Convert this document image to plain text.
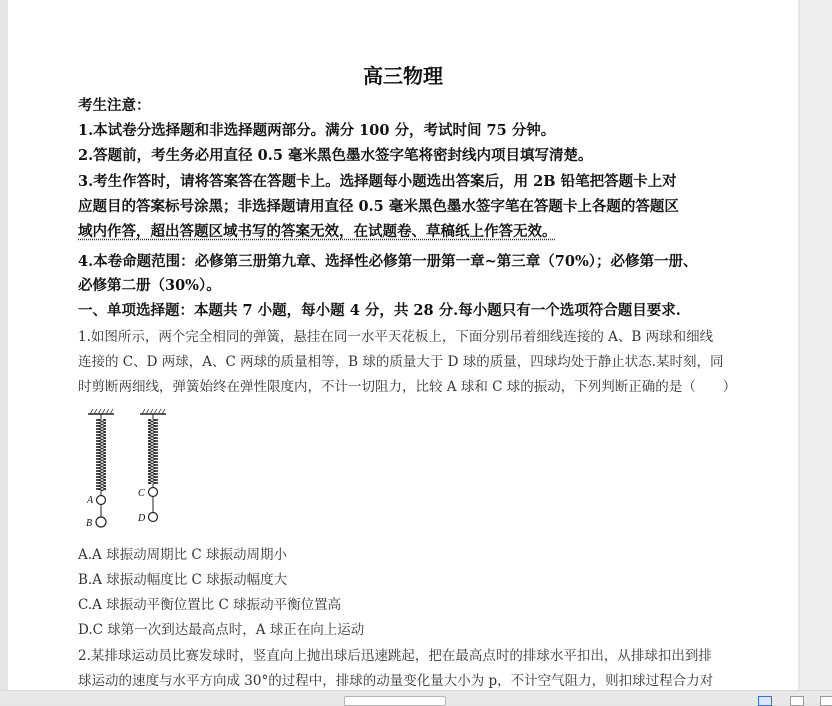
高三物理
考生注意：
1.本试卷分选择题和非选择题两部分。满分 100 分，考试时间 75 分钟。
2.答题前，考生务必用直径 0.5 毫米黑色墨水签字笔将密封线内项目填写清楚。
3.考生作答时，请将答案答在答题卡上。选择题每小题选出答案后，用 2B 铅笔把答题卡上对
应题目的答案标号涂黑；非选择题请用直径 0.5 毫米黑色墨水签字笔在答题卡上各题的答题区
域内作答，超出答题区域书写的答案无效，在试题卷、草稿纸上作答无效。
4.本卷命题范围：必修第三册第九章、选择性必修第一册第一章~第三章（70%）；必修第一册、
必修第二册（30%）。
一、单项选择题：本题共 7 小题，每小题 4 分，共 28 分.每小题只有一个选项符合题目要求.
1.如图所示，两个完全相同的弹簧，悬挂在同一水平天花板上，下面分别吊着细线连接的 A、B 两球和细线
连接的 C、D 两球，A、C 两球的质量相等，B 球的质量大于 D 球的质量，四球均处于静止状态.某时刻，同
时剪断两细线，弹簧始终在弹性限度内，不计一切阻力，比较 A 球和 C 球的振动，下列判断正确的是（　　）
A
B
C
D
A.A 球振动周期比 C 球振动周期小
B.A 球振动幅度比 C 球振动幅度大
C.A 球振动平衡位置比 C 球振动平衡位置高
D.C 球第一次到达最高点时，A 球正在向上运动
2.某排球运动员比赛发球时，竖直向上抛出球后迅速跳起，把在最高点时的排球水平扣出，从排球扣出到排
球运动的速度与水平方向成 30°的过程中，排球的动量变化量大小为 p，不计空气阻力，则扣球过程合力对
